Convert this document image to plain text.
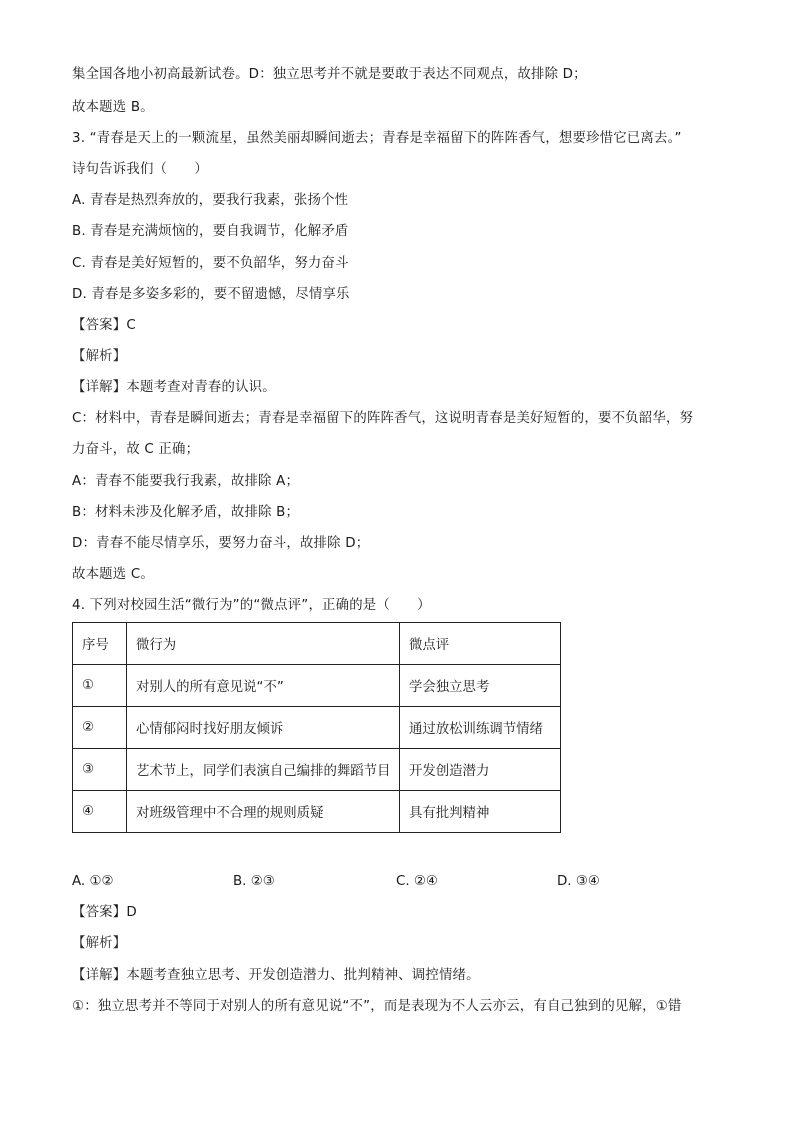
集全国各地小初高最新试卷。D：独立思考并不就是要敢于表达不同观点，故排除 D；
故本题选 B。
3. “青春是天上的一颗流星，虽然美丽却瞬间逝去；青春是幸福留下的阵阵香气，想要珍惜它已离去。”
诗句告诉我们（　　）
A. 青春是热烈奔放的，要我行我素，张扬个性
B. 青春是充满烦恼的，要自我调节，化解矛盾
C. 青春是美好短暂的，要不负韶华，努力奋斗
D. 青春是多姿多彩的，要不留遗憾，尽情享乐
【答案】C
【解析】
【详解】本题考查对青春的认识。
C：材料中，青春是瞬间逝去；青春是幸福留下的阵阵香气，这说明青春是美好短暂的，要不负韶华，努
力奋斗，故 C 正确；
A：青春不能要我行我素，故排除 A；
B：材料未涉及化解矛盾，故排除 B；
D：青春不能尽情享乐，要努力奋斗，故排除 D；
故本题选 C。
4. 下列对校园生活“微行为”的“微点评”，正确的是（　　）
序号	微行为	微点评
①	对别人的所有意见说“不”	学会独立思考
②	心情郁闷时找好朋友倾诉	通过放松训练调节情绪
③	艺术节上，同学们表演自己编排的舞蹈节目	开发创造潜力
④	对班级管理中不合理的规则质疑	具有批判精神
A. ①②	B. ②③	C. ②④	D. ③④
【答案】D
【解析】
【详解】本题考查独立思考、开发创造潜力、批判精神、调控情绪。
①：独立思考并不等同于对别人的所有意见说“不”，而是表现为不人云亦云，有自己独到的见解，①错
